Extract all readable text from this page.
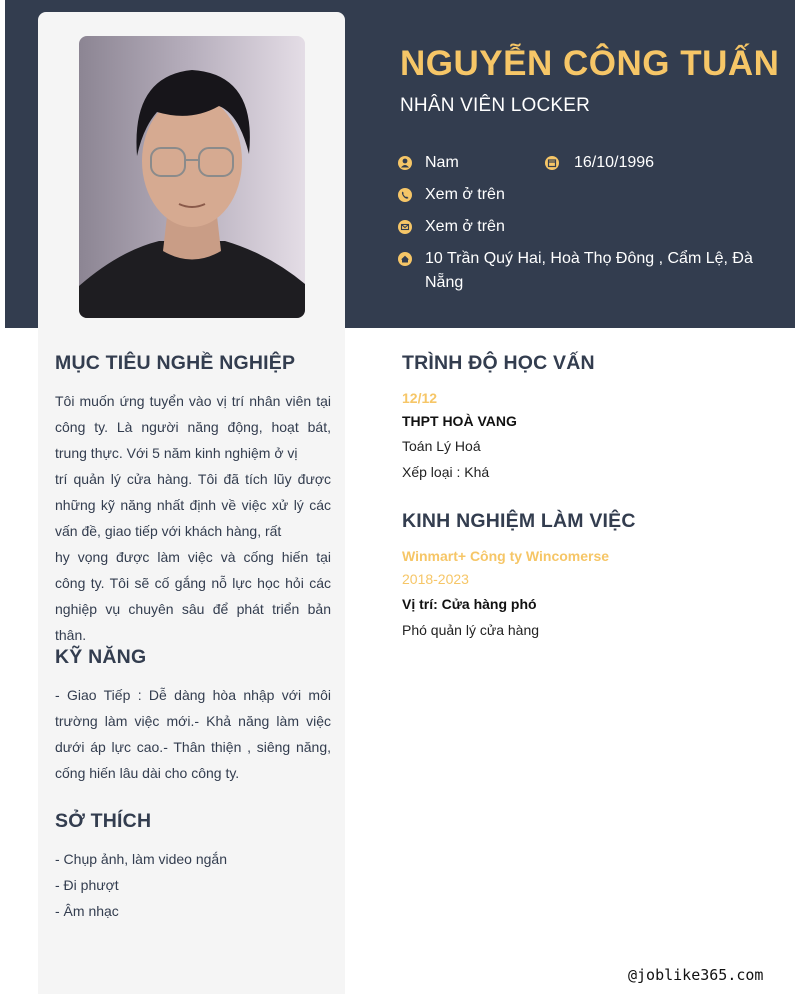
NGUYỄN CÔNG TUẤN
NHÂN VIÊN LOCKER
Nam	16/10/1996
Xem ở trên
Xem ở trên
10 Trần Quý Hai, Hoà Thọ Đông , Cẩm Lệ, Đà
Nẵng
MỤC TIÊU NGHỀ NGHIỆP

Tôi muốn ứng tuyển vào vị trí nhân viên tại công ty. Là người năng động, hoạt bát, trung thực. Với 5 năm kinh nghiệm ở vị

trí quản lý cửa hàng. Tôi đã tích lũy được những kỹ năng nhất định về việc xử lý các vấn đề, giao tiếp với khách hàng, rất

hy vọng được làm việc và cống hiến tại công ty. Tôi sẽ cố gắng nỗ lực học hỏi các nghiệp vụ chuyên sâu để phát triển bản thân.

KỸ NĂNG
- Giao Tiếp : Dễ dàng hòa nhập với môi trường làm việc mới.- Khả năng làm việc dưới áp lực cao.- Thân thiện , siêng năng, cống hiến lâu dài cho công ty.
SỞ THÍCH

- Chụp ảnh, làm video ngắn

- Đi phượt

- Âm nhạc

TRÌNH ĐỘ HỌC VẤN
12/12
THPT HOÀ VANG
Toán Lý Hoá
Xếp loại : Khá
KINH NGHIỆM LÀM VIỆC
Winmart+ Công ty Wincomerse
2018-2023
Vị trí: Cửa hàng phó
Phó quản lý cửa hàng
@joblike365.com
